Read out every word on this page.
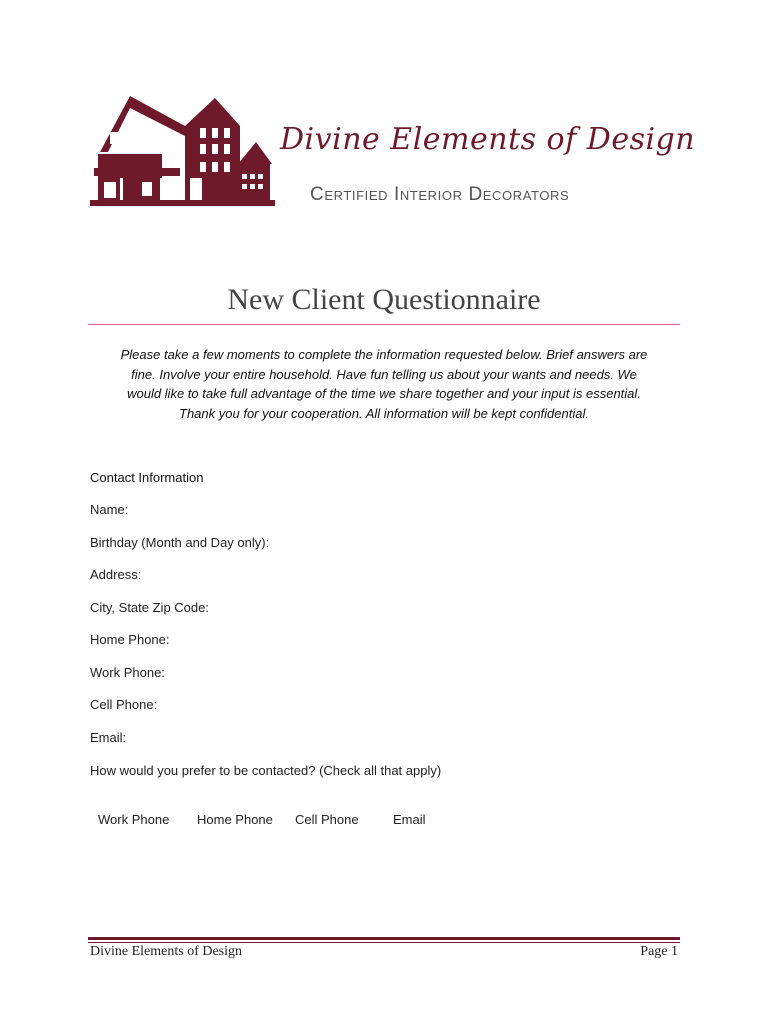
Divine Elements of Design
Certified Interior Decorators
New Client Questionnaire
Please take a few moments to complete the information requested below. Brief answers are
fine. Involve your entire household. Have fun telling us about your wants and needs. We
would like to take full advantage of the time we share together and your input is essential.
Thank you for your cooperation. All information will be kept confidential.
Contact Information
Name:
Birthday (Month and Day only):
Address:
City, State Zip Code:
Home Phone:
Work Phone:
Cell Phone:
Email:
How would you prefer to be contacted? (Check all that apply)
Work Phone Home Phone Cell Phone	Email
Divine Elements of Design	Page 1
